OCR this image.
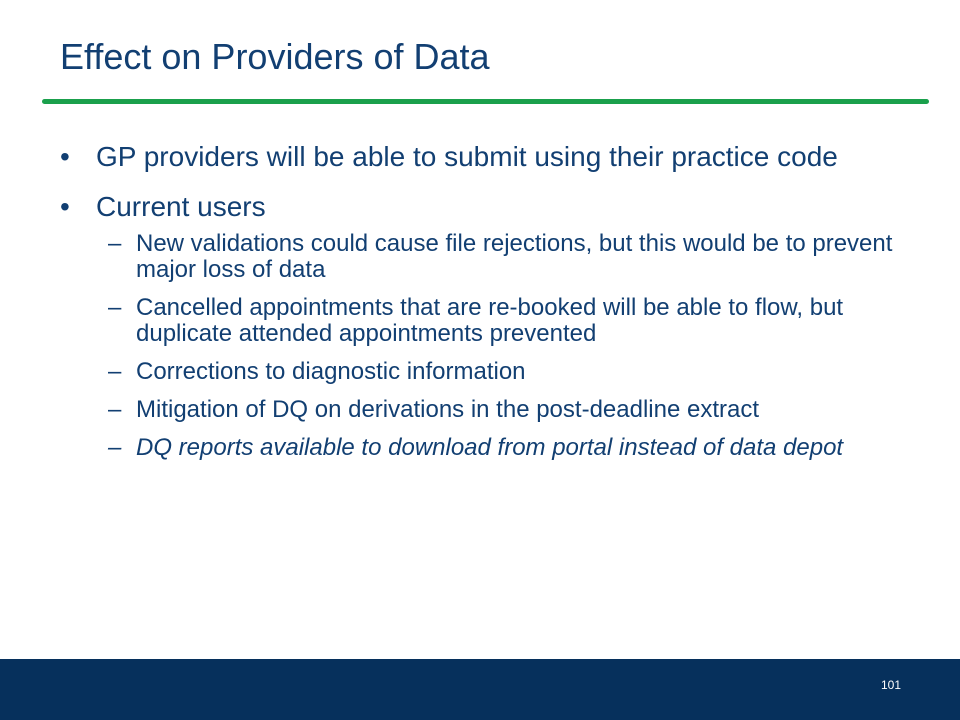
Effect on Providers of Data
• GP providers will be able to submit using their practice code
• Current users
– New validations could cause file rejections, but this would be to prevent major loss of data
– Cancelled appointments that are re-booked will be able to flow, but duplicate attended appointments prevented
– Corrections to diagnostic information
– Mitigation of DQ on derivations in the post-deadline extract
– DQ reports available to download from portal instead of data depot
101
